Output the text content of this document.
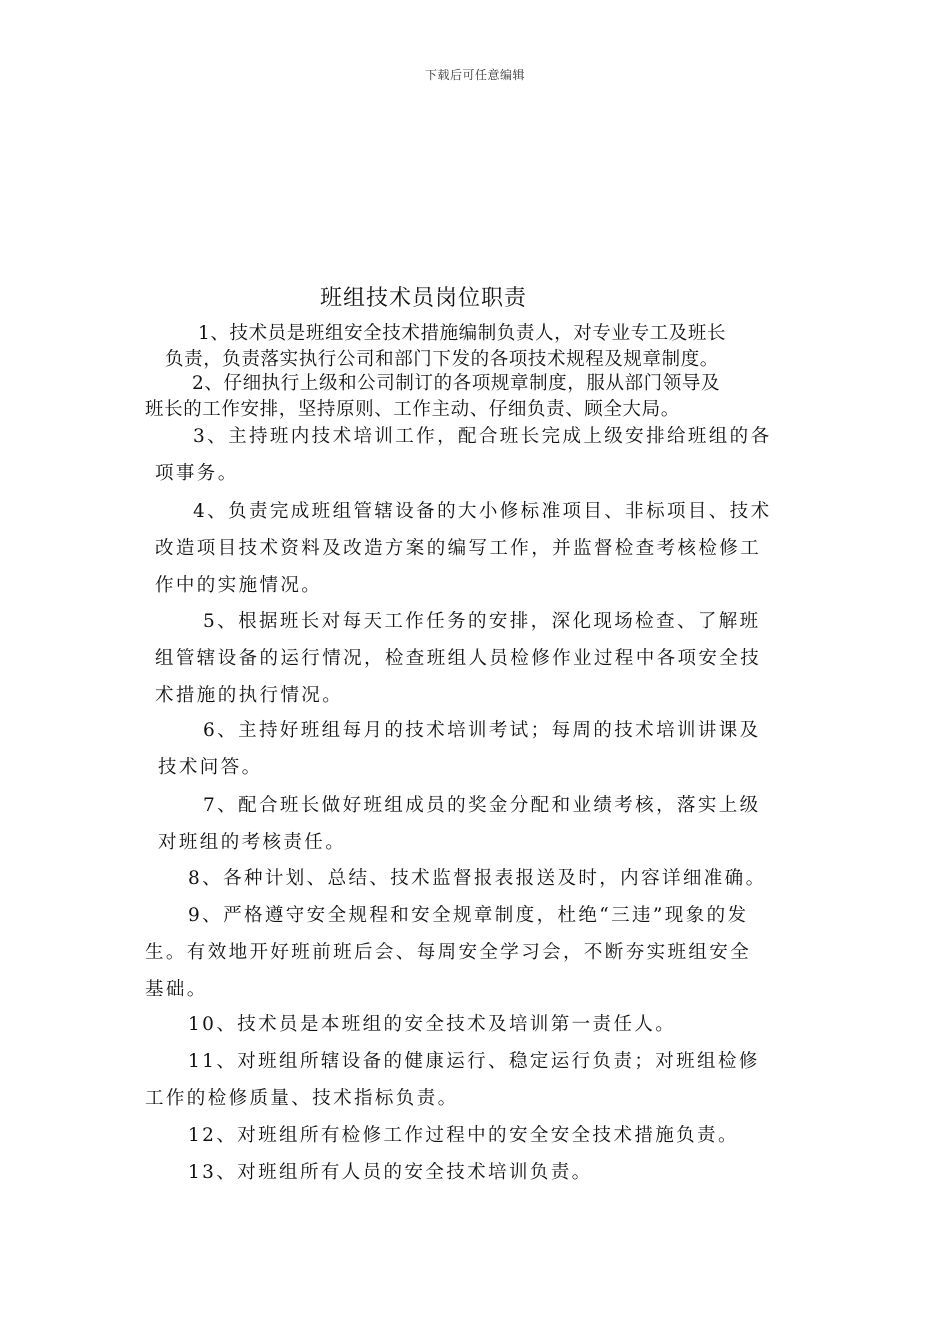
下载后可任意编辑
班组技术员岗位职责
1、技术员是班组安全技术措施编制负责人，对专业专工及班长
负责，负责落实执行公司和部门下发的各项技术规程及规章制度。
2、仔细执行上级和公司制订的各项规章制度，服从部门领导及
班长的工作安排，坚持原则、工作主动、仔细负责、顾全大局。
3、主持班内技术培训工作，配合班长完成上级安排给班组的各
项事务。
4、负责完成班组管辖设备的大小修标准项目、非标项目、技术
改造项目技术资料及改造方案的编写工作，并监督检查考核检修工
作中的实施情况。
5、根据班长对每天工作任务的安排，深化现场检查、了解班
组管辖设备的运行情况，检查班组人员检修作业过程中各项安全技
术措施的执行情况。
6、主持好班组每月的技术培训考试；每周的技术培训讲课及
技术问答。
7、配合班长做好班组成员的奖金分配和业绩考核，落实上级
对班组的考核责任。
8、各种计划、总结、技术监督报表报送及时，内容详细准确。
9、严格遵守安全规程和安全规章制度，杜绝“三违”现象的发
生。有效地开好班前班后会、每周安全学习会，不断夯实班组安全
基础。
10、技术员是本班组的安全技术及培训第一责任人。
11、对班组所辖设备的健康运行、稳定运行负责；对班组检修
工作的检修质量、技术指标负责。
12、对班组所有检修工作过程中的安全安全技术措施负责。
13、对班组所有人员的安全技术培训负责。
